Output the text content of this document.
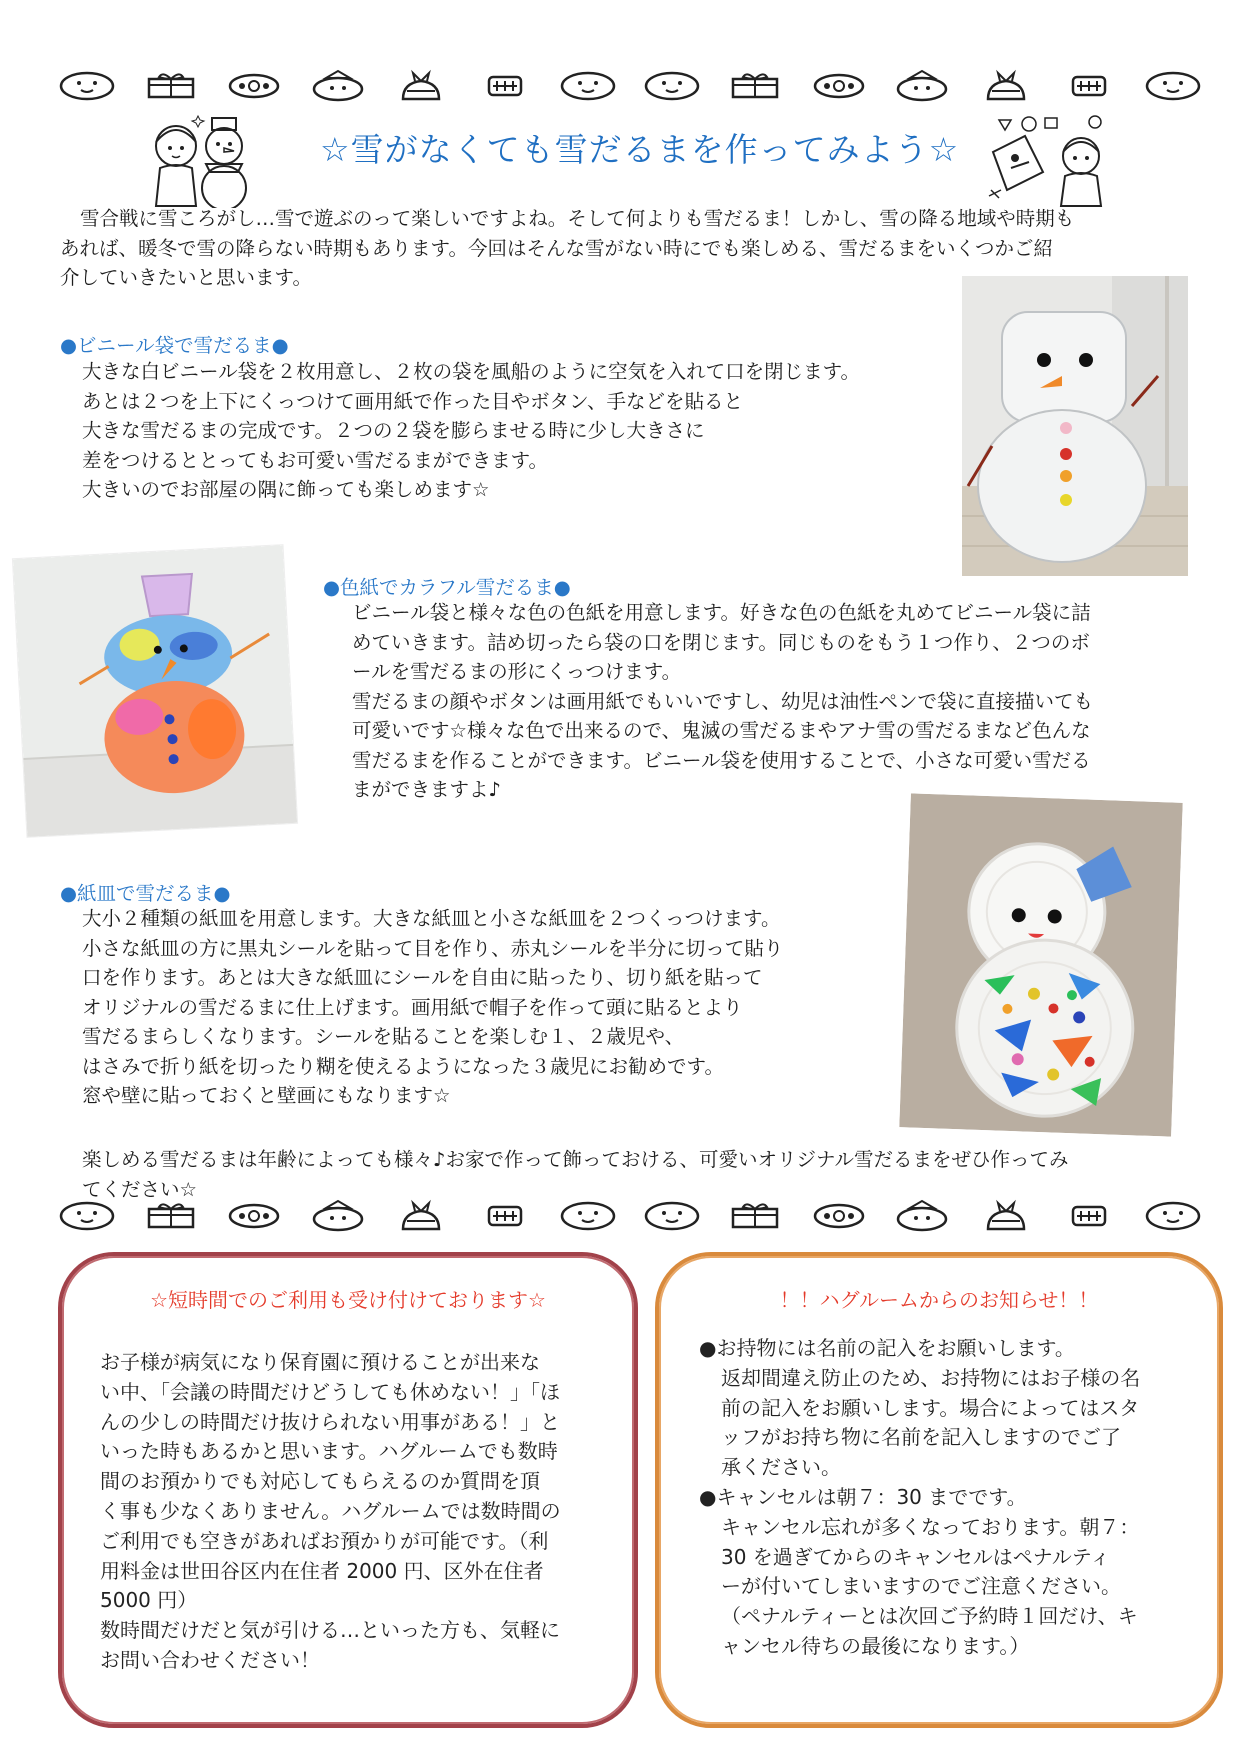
☆雪がなくても雪だるまを作ってみよう☆

雪合戦に雪ころがし…雪で遊ぶのって楽しいですよね。そして何よりも雪だるま！しかし、雪の降る地域や時期も
あれば、暖冬で雪の降らない時期もあります。今回はそんな雪がない時にでも楽しめる、雪だるまをいくつかご紹
介していきたいと思います。

●ビニール袋で雪だるま●

大きな白ビニール袋を２枚用意し、２枚の袋を風船のように空気を入れて口を閉じます。
あとは２つを上下にくっつけて画用紙で作った目やボタン、手などを貼ると
大きな雪だるまの完成です。２つの２袋を膨らませる時に少し大きさに
差をつけるととってもお可愛い雪だるまができます。
大きいのでお部屋の隅に飾っても楽しめます☆

●色紙でカラフル雪だるま●

ビニール袋と様々な色の色紙を用意します。好きな色の色紙を丸めてビニール袋に詰
めていきます。詰め切ったら袋の口を閉じます。同じものをもう１つ作り、２つのボ
ールを雪だるまの形にくっつけます。
雪だるまの顔やボタンは画用紙でもいいですし、幼児は油性ペンで袋に直接描いても
可愛いです☆様々な色で出来るので、鬼滅の雪だるまやアナ雪の雪だるまなど色んな
雪だるまを作ることができます。ビニール袋を使用することで、小さな可愛い雪だる
まができますよ♪

●紙皿で雪だるま●

大小２種類の紙皿を用意します。大きな紙皿と小さな紙皿を２つくっつけます。
小さな紙皿の方に黒丸シールを貼って目を作り、赤丸シールを半分に切って貼り
口を作ります。あとは大きな紙皿にシールを自由に貼ったり、切り紙を貼って
オリジナルの雪だるまに仕上げます。画用紙で帽子を作って頭に貼るとより
雪だるまらしくなります。シールを貼ることを楽しむ１、２歳児や、
はさみで折り紙を切ったり糊を使えるようになった３歳児にお勧めです。
窓や壁に貼っておくと壁画にもなります☆

楽しめる雪だるまは年齢によっても様々♪お家で作って飾っておける、可愛いオリジナル雪だるまをぜひ作ってみ
てください☆

☆短時間でのご利用も受け付けております☆

お子様が病気になり保育園に預けることが出来な
い中、「会議の時間だけどうしても休めない！」「ほ
んの少しの時間だけ抜けられない用事がある！」と
いった時もあるかと思います。ハグルームでも数時
間のお預かりでも対応してもらえるのか質問を頂
く事も少なくありません。ハグルームでは数時間の
ご利用でも空きがあればお預かりが可能です。（利
用料金は世田谷区内在住者 2000 円、区外在住者
5000 円）
数時間だけだと気が引ける…といった方も、気軽に
お問い合わせください！

！！ハグルームからのお知らせ！！
●お持物には名前の記入をお願いします。
返却間違え防止のため、お持物にはお子様の名
前の記入をお願いします。場合によってはスタ
ッフがお持ち物に名前を記入しますのでご了
承ください。
●キャンセルは朝７：30 までです。
キャンセル忘れが多くなっております。朝７：
30 を過ぎてからのキャンセルはペナルティ
ーが付いてしまいますのでご注意ください。
（ペナルティーとは次回ご予約時１回だけ、キ
ャンセル待ちの最後になります。）
